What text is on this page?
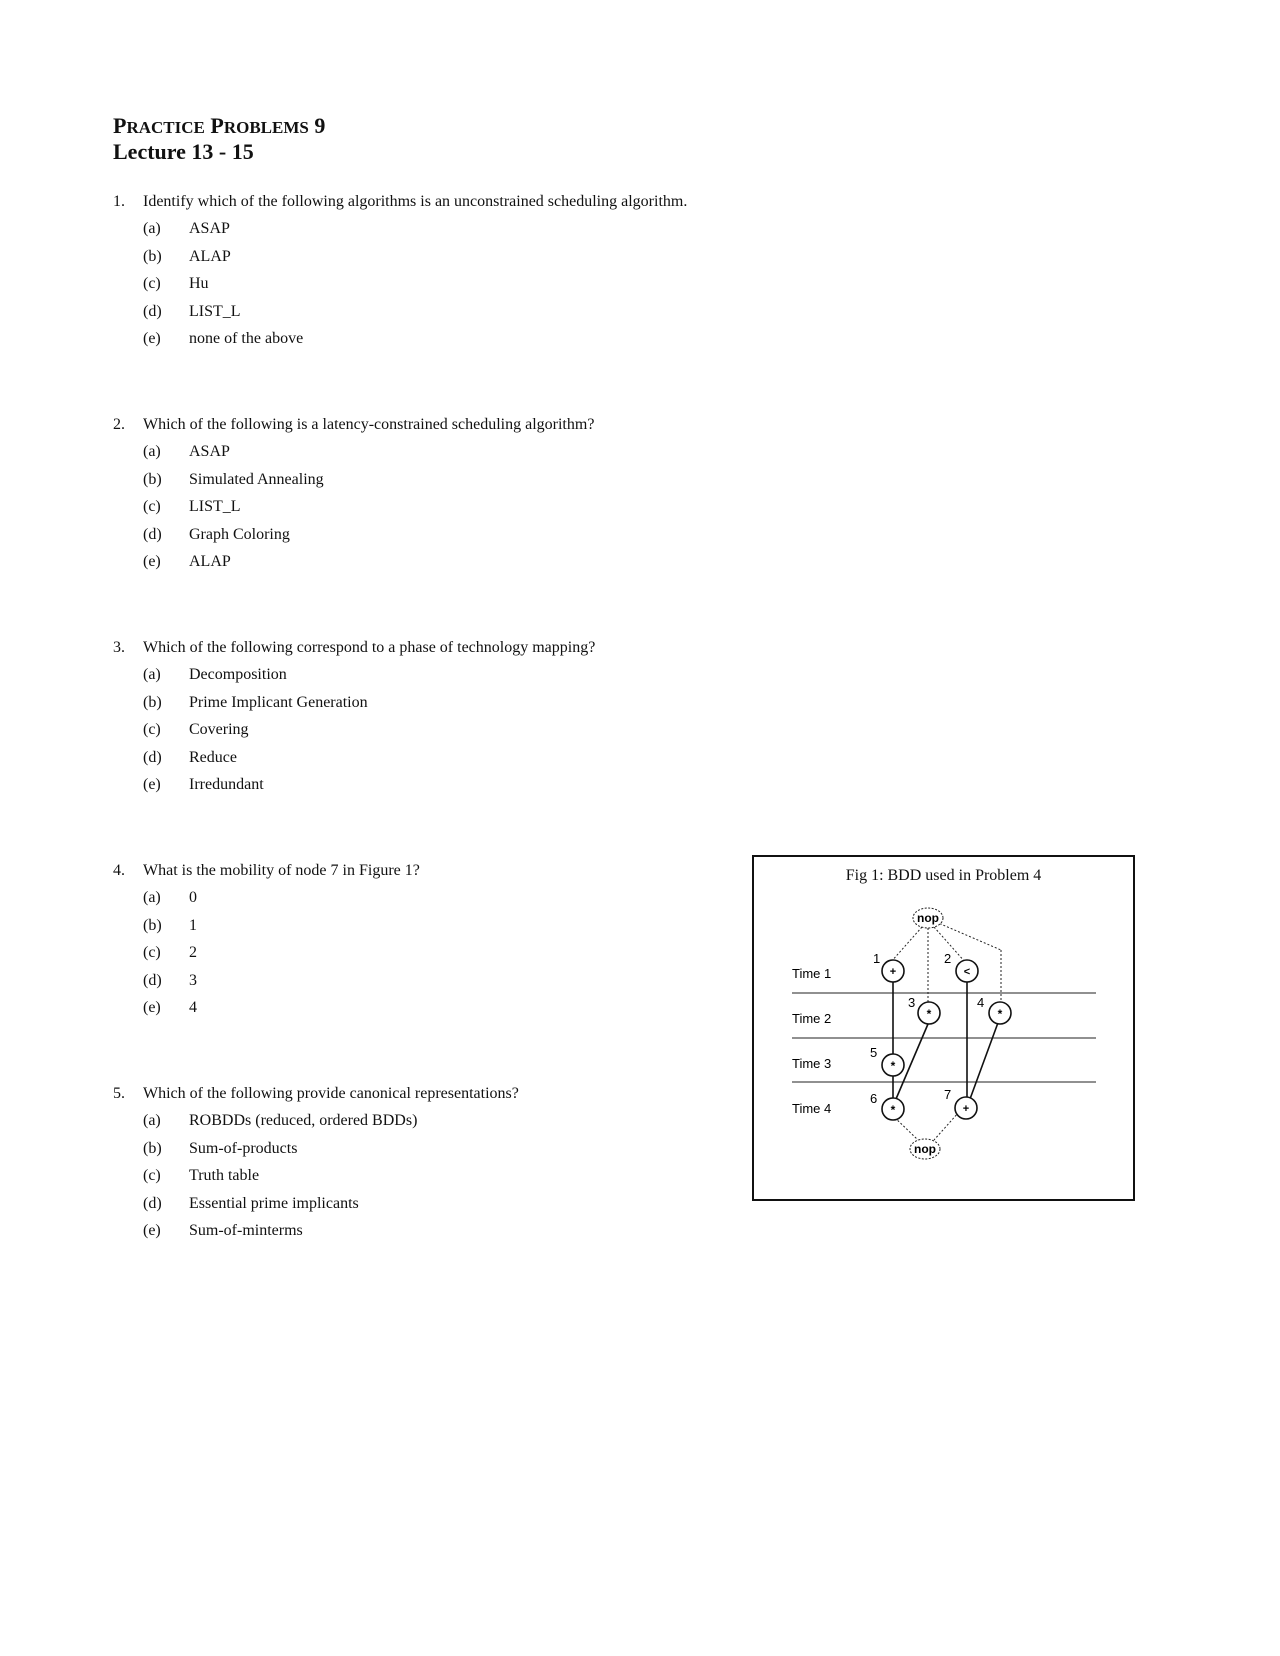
PRACTICE PROBLEMS 9
Lecture 13 - 15
1. Identify which of the following algorithms is an unconstrained scheduling algorithm.
(a) ASAP
(b) ALAP
(c) Hu
(d) LIST_L
(e) none of the above
2. Which of the following is a latency-constrained scheduling algorithm?
(a) ASAP
(b) Simulated Annealing
(c) LIST_L
(d) Graph Coloring
(e) ALAP
3. Which of the following correspond to a phase of technology mapping?
(a) Decomposition
(b) Prime Implicant Generation
(c) Covering
(d) Reduce
(e) Irredundant
4. What is the mobility of node 7 in Figure 1?
(a) 0
(b) 1
(c) 2
(d) 3
(e) 4
5. Which of the following provide canonical representations?
(a) ROBDDs (reduced, ordered BDDs)
(b) Sum-of-products
(c) Truth table
(d) Essential prime implicants
(e) Sum-of-minterms
Fig 1: BDD used in Problem 4
Time 1
Time 2
Time 3
Time 4
nop
nop
+
1
<
2
*
3
*
4
*
5
*
6
+
7
